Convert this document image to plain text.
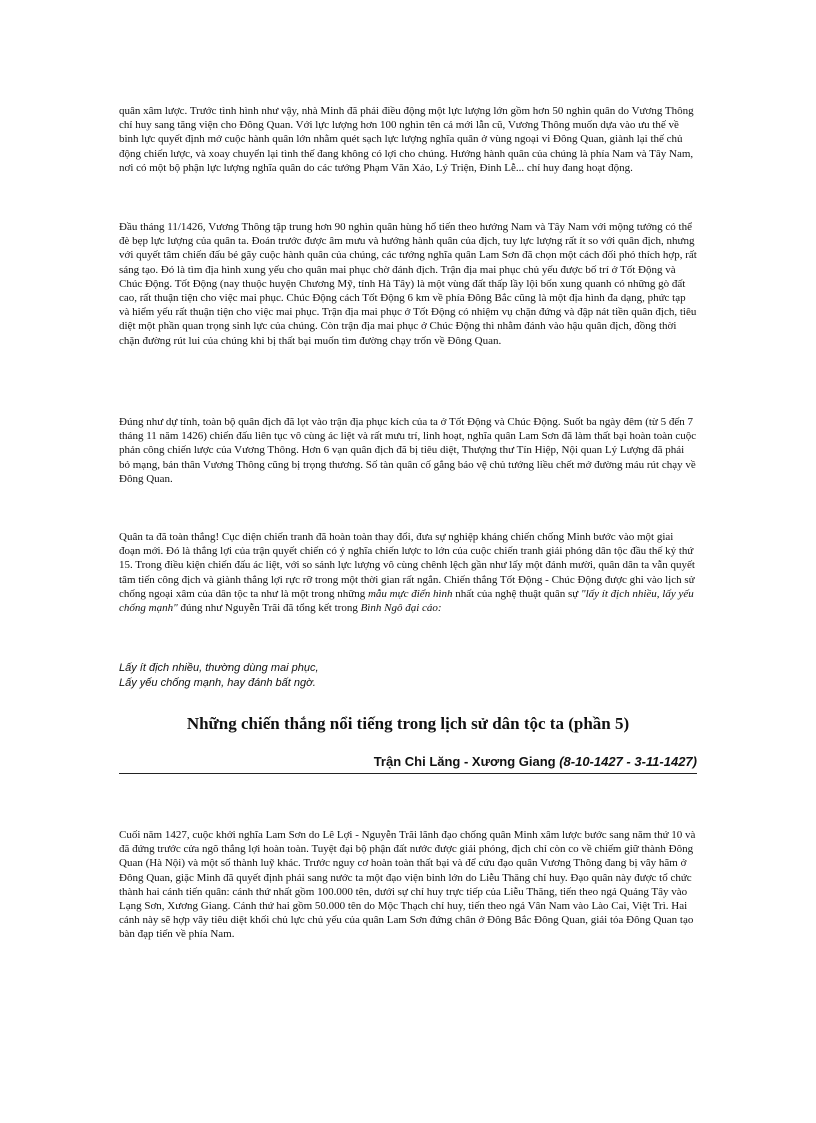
quân xâm lược. Trước tình hình như vậy, nhà Minh đã phải điều động một lực lượng lớn gồm hơn 50 nghìn quân do Vương Thông chỉ huy sang tăng viện cho Đông Quan. Với lực lượng hơn 100 nghìn tên cả mới lẫn cũ, Vương Thông muốn dựa vào ưu thế về binh lực quyết định mở cuộc hành quân lớn nhằm quét sạch lực lượng nghĩa quân ở vùng ngoại vi Đông Quan, giành lại thế chủ động chiến lược, và xoay chuyển lại tình thế đang không có lợi cho chúng. Hướng hành quân của chúng là phía Nam và Tây Nam, nơi có một bộ phận lực lượng nghĩa quân do các tướng Phạm Văn Xảo, Lý Triện, Đinh Lễ... chỉ huy đang hoạt động.

Đầu tháng 11/1426, Vương Thông tập trung hơn 90 nghìn quân hùng hổ tiến theo hướng Nam và Tây Nam với mộng tưởng có thể đè bẹp lực lượng của quân ta. Đoán trước được âm mưu và hướng hành quân của địch, tuy lực lượng rất ít so với quân địch, nhưng với quyết tâm chiến đấu bẻ gãy cuộc hành quân của chúng, các tướng nghĩa quân Lam Sơn đã chọn một cách đối phó thích hợp, rất sáng tạo. Đó là tìm địa hình xung yếu cho quân mai phục chờ đánh địch. Trận địa mai phục chủ yếu được bố trí ở Tốt Động và Chúc Động. Tốt Động (nay thuộc huyện Chương Mỹ, tỉnh Hà Tây) là một vùng đất thấp lầy lội bốn xung quanh có những gò đất cao, rất thuận tiện cho việc mai phục. Chúc Động cách Tốt Động 6 km về phía Đông Bắc cũng là một địa hình đa dạng, phức tạp và hiểm yếu rất thuận tiện cho việc mai phục. Trận địa mai phục ở Tốt Động có nhiệm vụ chặn đứng và đập nát tiền quân địch, tiêu diệt một phần quan trọng sinh lực của chúng. Còn trận địa mai phục ở Chúc Động thì nhằm đánh vào hậu quân địch, đồng thời chặn đường rút lui của chúng khi bị thất bại muốn tìm đường chạy trốn về Đông Quan.

Đúng như dự tính, toàn bộ quân địch đã lọt vào trận địa phục kích của ta ở Tốt Động và Chúc Động. Suốt ba ngày đêm (từ 5 đến 7 tháng 11 năm 1426) chiến đấu liên tục vô cùng ác liệt và rất mưu trí, linh hoạt, nghĩa quân Lam Sơn đã làm thất bại hoàn toàn cuộc phản công chiến lược của Vương Thông. Hơn 6 vạn quân địch đã bị tiêu diệt, Thượng thư Tín Hiệp, Nội quan Lý Lượng đã phải bỏ mạng, bản thân Vương Thông cũng bị trọng thương. Số tàn quân cố gắng bảo vệ chủ tướng liều chết mở đường máu rút chạy về Đông Quan.

Quân ta đã toàn thắng! Cục diện chiến tranh đã hoàn toàn thay đổi, đưa sự nghiệp kháng chiến chống Minh bước vào một giai đoạn mới. Đó là thắng lợi của trận quyết chiến có ý nghĩa chiến lược to lớn của cuộc chiến tranh giải phóng dân tộc đầu thế kỷ thứ 15. Trong điều kiện chiến đấu ác liệt, với so sánh lực lượng vô cùng chênh lệch gần như lấy một đánh mười, quân dân ta vẫn quyết tâm tiến công địch và giành thắng lợi rực rỡ trong một thời gian rất ngắn. Chiến thắng Tốt Động - Chúc Động được ghi vào lịch sử chống ngoại xâm của dân tộc ta như là một trong những mẫu mực điển hình nhất của nghệ thuật quân sự "lấy ít địch nhiều, lấy yếu chống mạnh" đúng như Nguyễn Trãi đã tổng kết trong Bình Ngô đại cáo:

Lấy ít địch nhiều, thường dùng mai phục,
Lấy yếu chống mạnh, hay đánh bất ngờ.
Những chiến thắng nổi tiếng trong lịch sử dân tộc ta (phần 5)
Trận Chi Lăng - Xương Giang (8-10-1427 - 3-11-1427)

Cuối năm 1427, cuộc khởi nghĩa Lam Sơn do Lê Lợi - Nguyễn Trãi lãnh đạo chống quân Minh xâm lược bước sang năm thứ 10 và đã đứng trước cửa ngõ thắng lợi hoàn toàn. Tuyệt đại bộ phận đất nước được giải phóng, địch chỉ còn co về chiếm giữ thành Đông Quan (Hà Nội) và một số thành luỹ khác. Trước nguy cơ hoàn toàn thất bại và để cứu đạo quân Vương Thông đang bị vây hãm ở Đông Quan, giặc Minh đã quyết định phái sang nước ta một đạo viện binh lớn do Liễu Thăng chỉ huy. Đạo quân này được tổ chức thành hai cánh tiến quân: cánh thứ nhất gồm 100.000 tên, dưới sự chỉ huy trực tiếp của Liễu Thăng, tiến theo ngả Quảng Tây vào Lạng Sơn, Xương Giang. Cánh thứ hai gồm 50.000 tên do Mộc Thạch chỉ huy, tiến theo ngả Vân Nam vào Lào Cai, Việt Trì. Hai cánh này sẽ hợp vây tiêu diệt khối chủ lực chủ yếu của quân Lam Sơn đứng chân ở Đông Bắc Đông Quan, giải tỏa Đông Quan tạo bàn đạp tiến về phía Nam.
